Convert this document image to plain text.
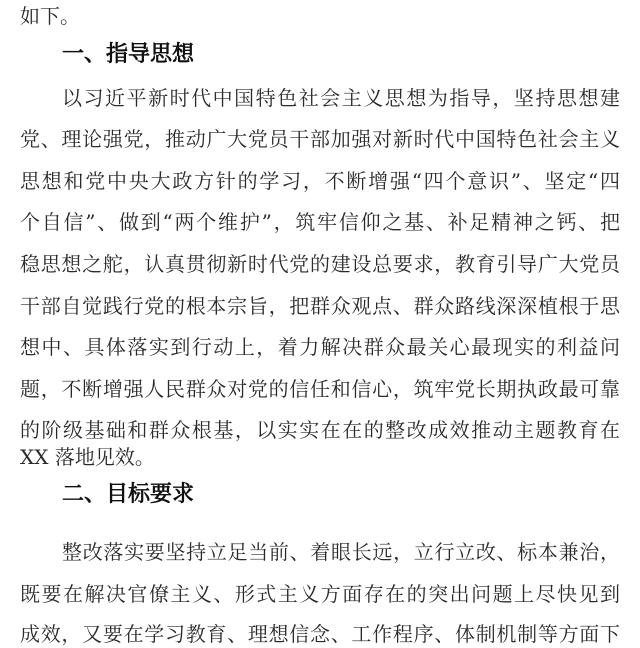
如下。
一、指导思想
以习近平新时代中国特色社会主义思想为指导，坚持思想建
党、理论强党，推动广大党员干部加强对新时代中国特色社会主义
思想和党中央大政方针的学习，不断增强“四个意识”、坚定“四
个自信”、做到“两个维护”，筑牢信仰之基、补足精神之钙、把
稳思想之舵，认真贯彻新时代党的建设总要求，教育引导广大党员
干部自觉践行党的根本宗旨，把群众观点、群众路线深深植根于思
想中、具体落实到行动上，着力解决群众最关心最现实的利益问
题，不断增强人民群众对党的信任和信心，筑牢党长期执政最可靠
的阶级基础和群众根基，以实实在在的整改成效推动主题教育在
XX 落地见效。
二、目标要求
整改落实要坚持立足当前、着眼长远，立行立改、标本兼治，
既要在解决官僚主义、形式主义方面存在的突出问题上尽快见到
成效，又要在学习教育、理想信念、工作程序、体制机制等方面下
